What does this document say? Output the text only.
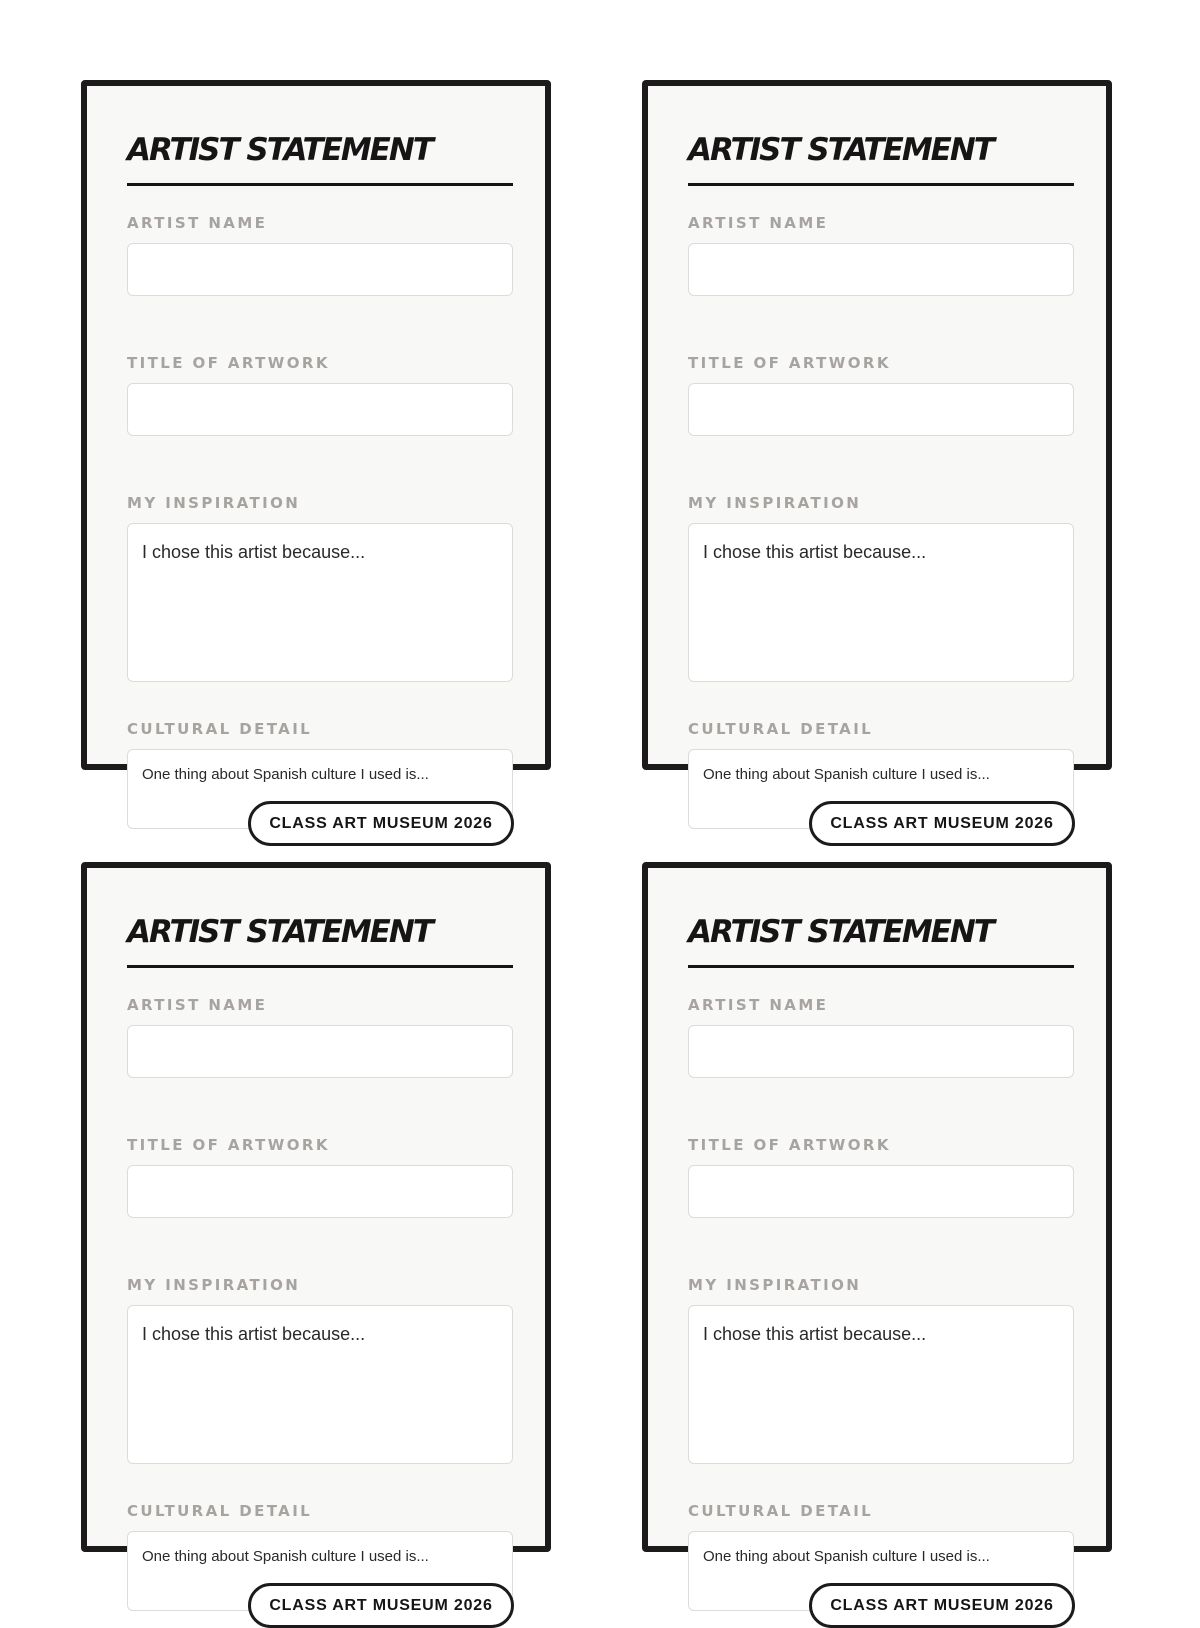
ARTIST STATEMENT
ARTIST NAME
TITLE OF ARTWORK
MY INSPIRATION
I chose this artist because...
CULTURAL DETAIL
One thing about Spanish culture I used is...
CLASS ART MUSEUM 2026
ARTIST STATEMENT
ARTIST NAME
TITLE OF ARTWORK
MY INSPIRATION
I chose this artist because...
CULTURAL DETAIL
One thing about Spanish culture I used is...
CLASS ART MUSEUM 2026
ARTIST STATEMENT
ARTIST NAME
TITLE OF ARTWORK
MY INSPIRATION
I chose this artist because...
CULTURAL DETAIL
One thing about Spanish culture I used is...
CLASS ART MUSEUM 2026
ARTIST STATEMENT
ARTIST NAME
TITLE OF ARTWORK
MY INSPIRATION
I chose this artist because...
CULTURAL DETAIL
One thing about Spanish culture I used is...
CLASS ART MUSEUM 2026
